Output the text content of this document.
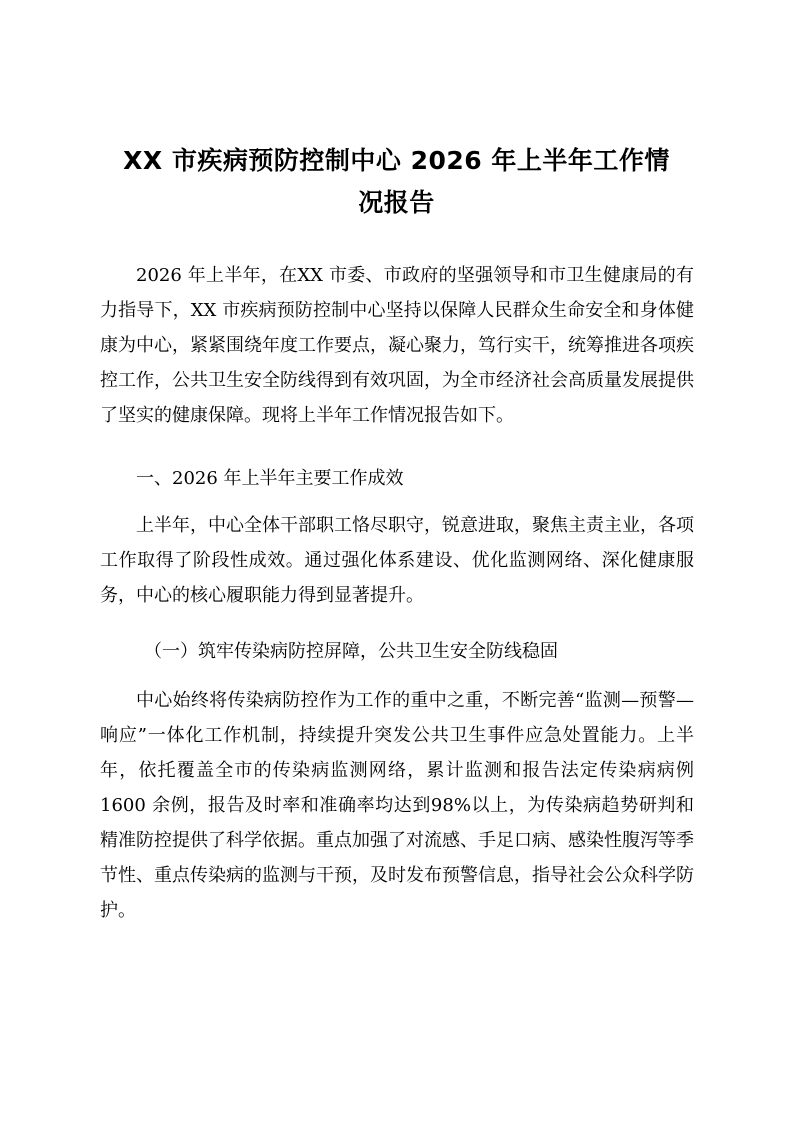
XX 市疾病预防控制中心 2026 年上半年工作情
况报告
2026 年上半年，在XX 市委、市政府的坚强领导和市卫生健康局的有力指导下，XX 市疾病预防控制中心坚持以保障人民群众生命安全和身体健康为中心，紧紧围绕年度工作要点，凝心聚力，笃行实干，统筹推进各项疾控工作，公共卫生安全防线得到有效巩固，为全市经济社会高质量发展提供了坚实的健康保障。现将上半年工作情况报告如下。
一、2026 年上半年主要工作成效
上半年，中心全体干部职工恪尽职守，锐意进取，聚焦主责主业，各项工作取得了阶段性成效。通过强化体系建设、优化监测网络、深化健康服务，中心的核心履职能力得到显著提升。
（一）筑牢传染病防控屏障，公共卫生安全防线稳固
中心始终将传染病防控作为工作的重中之重，不断完善“监测—预警—响应”一体化工作机制，持续提升突发公共卫生事件应急处置能力。上半年，依托覆盖全市的传染病监测网络，累计监测和报告法定传染病病例1600 余例，报告及时率和准确率均达到98%以上，为传染病趋势研判和精准防控提供了科学依据。重点加强了对流感、手足口病、感染性腹泻等季节性、重点传染病的监测与干预，及时发布预警信息，指导社会公众科学防护。
